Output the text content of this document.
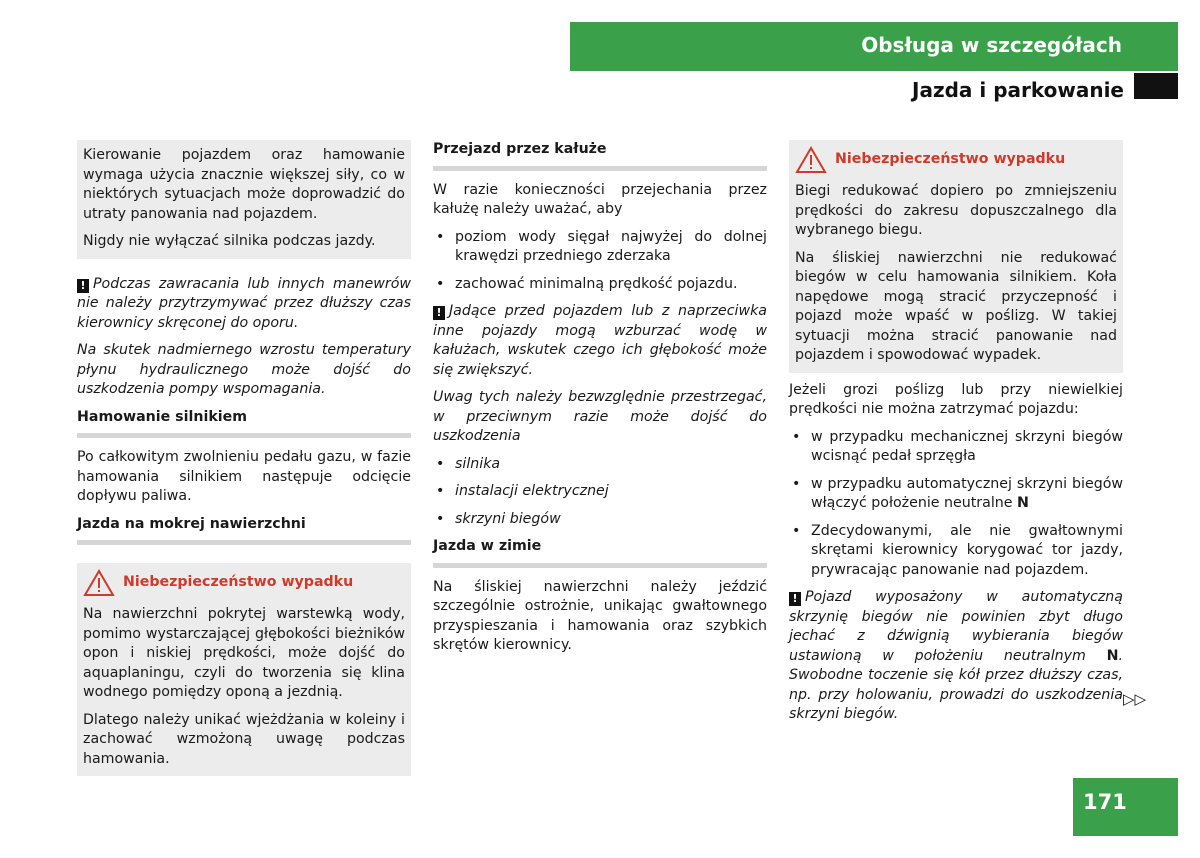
Obsługa w szczegółach
Jazda i parkowanie

Kierowanie pojazdem oraz hamowanie wymaga użycia znacznie większej siły, co w niektórych sytuacjach może doprowadzić do utraty panowania nad pojazdem.

Nigdy nie wyłączać silnika podczas jazdy.

! Podczas zawracania lub innych manewrów nie należy przytrzymywać przez dłuższy czas kierownicy skręconej do oporu.

Na skutek nadmiernego wzrostu temperatury płynu hydraulicznego może dojść do uszkodzenia pompy wspomagania.

Hamowanie silnikiem

Po całkowitym zwolnieniu pedału gazu, w fazie hamowania silnikiem następuje odcięcie dopływu paliwa.

Jazda na mokrej nawierzchni
Niebezpieczeństwo wypadku

Na nawierzchni pokrytej warstewką wody, pomimo wystarczającej głębokości bieżników opon i niskiej prędkości, może dojść do aquaplaningu, czyli do tworzenia się klina wodnego pomiędzy oponą a jezdnią.

Dlatego należy unikać wjeżdżania w koleiny i zachować wzmożoną uwagę podczas hamowania.

Przejazd przez kałuże

W razie konieczności przejechania przez kałużę należy uważać, aby

• poziom wody sięgał najwyżej do dolnej krawędzi przedniego zderzaka
• zachować minimalną prędkość pojazdu.

! Jadące przed pojazdem lub z naprzeciwka inne pojazdy mogą wzburzać wodę w kałużach, wskutek czego ich głębokość może się zwiększyć.

Uwag tych należy bezwzględnie przestrzegać, w przeciwnym razie może dojść do uszkodzenia

• silnika
• instalacji elektrycznej
• skrzyni biegów
Jazda w zimie

Na śliskiej nawierzchni należy jeździć szczególnie ostrożnie, unikając gwałtownego przyspieszania i hamowania oraz szybkich skrętów kierownicy.

Niebezpieczeństwo wypadku

Biegi redukować dopiero po zmniejszeniu prędkości do zakresu dopuszczalnego dla wybranego biegu.

Na śliskiej nawierzchni nie redukować biegów w celu hamowania silnikiem. Koła napędowe mogą stracić przyczepność i pojazd może wpaść w poślizg. W takiej sytuacji można stracić panowanie nad pojazdem i spowodować wypadek.

Jeżeli grozi poślizg lub przy niewielkiej prędkości nie można zatrzymać pojazdu:

• w przypadku mechanicznej skrzyni biegów wcisnąć pedał sprzęgła
• w przypadku automatycznej skrzyni biegów włączyć położenie neutralne N
• Zdecydowanymi, ale nie gwałtownymi skrętami kierownicy korygować tor jazdy, prywracając panowanie nad pojazdem.

! Pojazd wyposażony w automatyczną skrzynię biegów nie powinien zbyt długo jechać z dźwignią wybierania biegów ustawioną w położeniu neutralnym N. Swobodne toczenie się kół przez dłuższy czas, np. przy holowaniu, prowadzi do uszkodzenia skrzyni biegów.

▷▷
171
